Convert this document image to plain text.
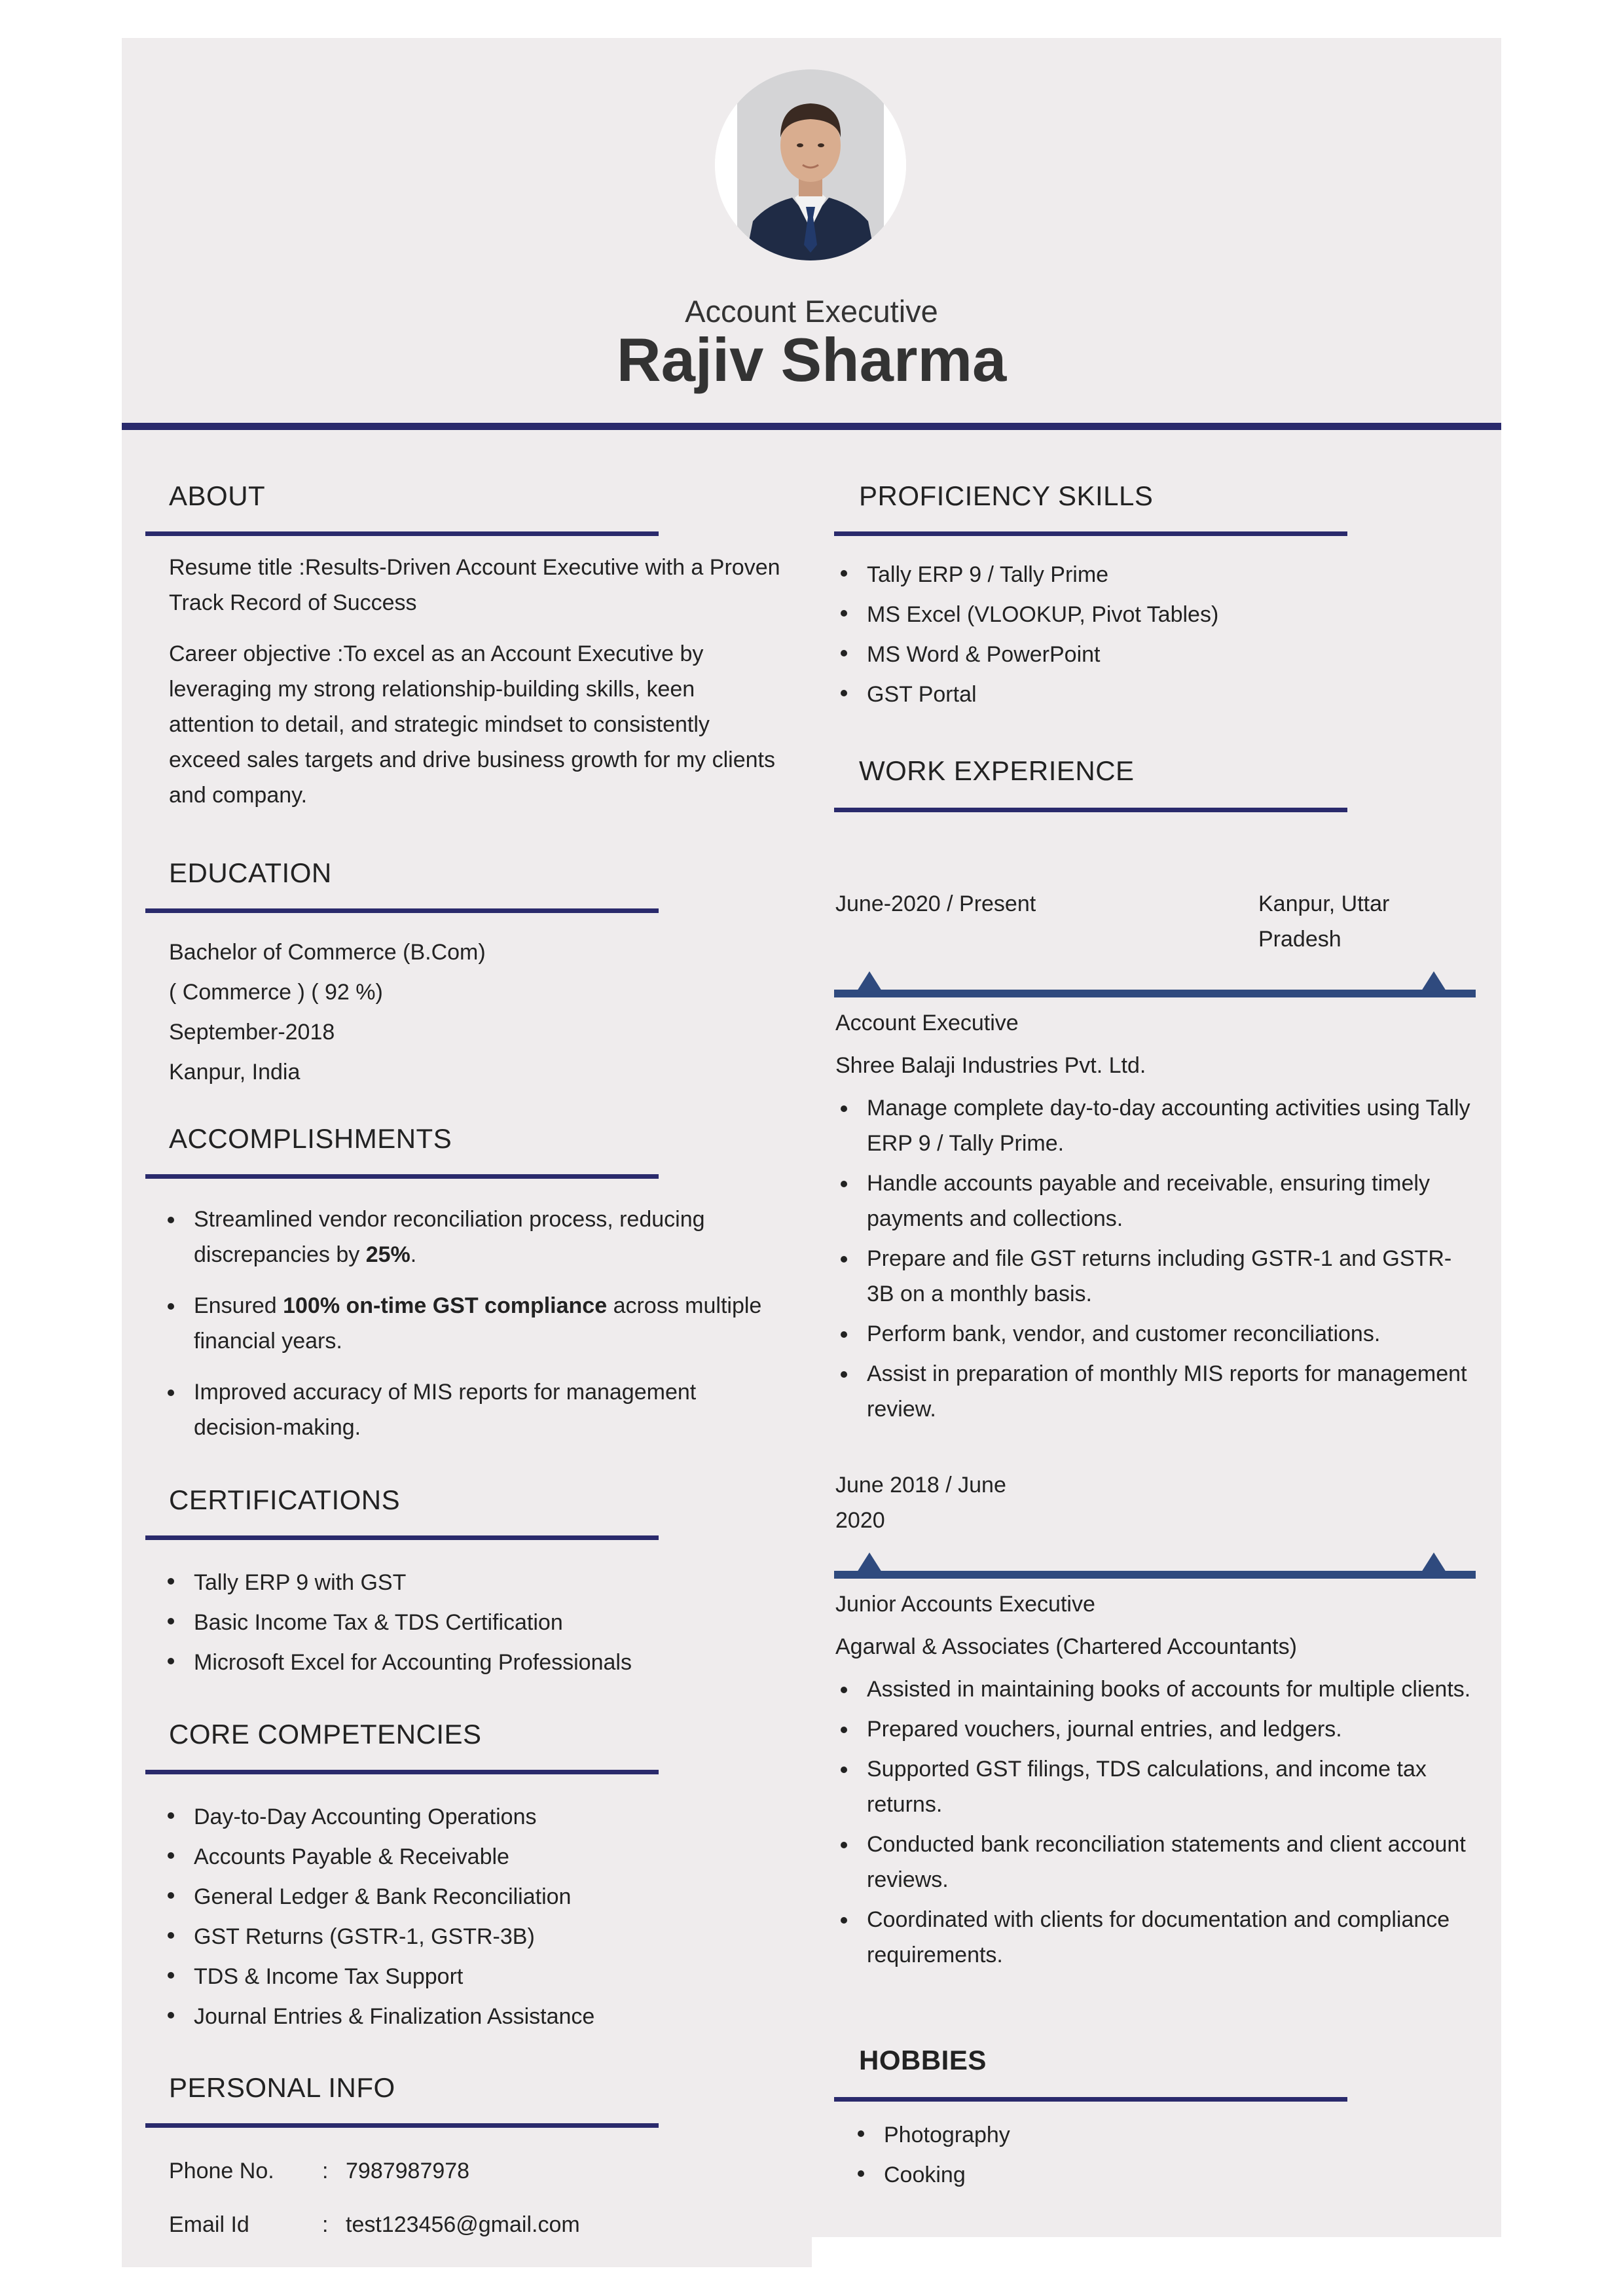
Account Executive
Rajiv Sharma
ABOUT
Resume title :Results-Driven Account Executive with a Proven Track Record of Success
Career objective :To excel as an Account Executive by leveraging my strong relationship-building skills, keen attention to detail, and strategic mindset to consistently exceed sales targets and drive business growth for my clients and company.
EDUCATION
Bachelor of Commerce (B.Com)
( Commerce ) ( 92 %)
September-2018
Kanpur, India
ACCOMPLISHMENTS
Streamlined vendor reconciliation process, reducing discrepancies by 25%.
Ensured 100% on-time GST compliance across multiple financial years.
Improved accuracy of MIS reports for management decision-making.
CERTIFICATIONS
Tally ERP 9 with GST
Basic Income Tax & TDS Certification
Microsoft Excel for Accounting Professionals
CORE COMPETENCIES
Day-to-Day Accounting Operations
Accounts Payable & Receivable
General Ledger & Bank Reconciliation
GST Returns (GSTR-1, GSTR-3B)
TDS & Income Tax Support
Journal Entries & Finalization Assistance
PERSONAL INFO
Phone No. : 7987987978
Email Id	: test123456@gmail.com
PROFICIENCY SKILLS
Tally ERP 9 / Tally Prime
MS Excel (VLOOKUP, Pivot Tables)
MS Word & PowerPoint
GST Portal
WORK EXPERIENCE
June-2020 / Present	Kanpur, Uttar Pradesh
Account Executive
Shree Balaji Industries Pvt. Ltd.
Manage complete day-to-day accounting activities using Tally ERP 9 / Tally Prime.
Handle accounts payable and receivable, ensuring timely payments and collections.
Prepare and file GST returns including GSTR-1 and GSTR-3B on a monthly basis.
Perform bank, vendor, and customer reconciliations.
Assist in preparation of monthly MIS reports for management review.
June 2018 / June 2020
Junior Accounts Executive
Agarwal & Associates (Chartered Accountants)
Assisted in maintaining books of accounts for multiple clients.
Prepared vouchers, journal entries, and ledgers.
Supported GST filings, TDS calculations, and income tax returns.
Conducted bank reconciliation statements and client account reviews.
Coordinated with clients for documentation and compliance requirements.
HOBBIES
Photography
Cooking
